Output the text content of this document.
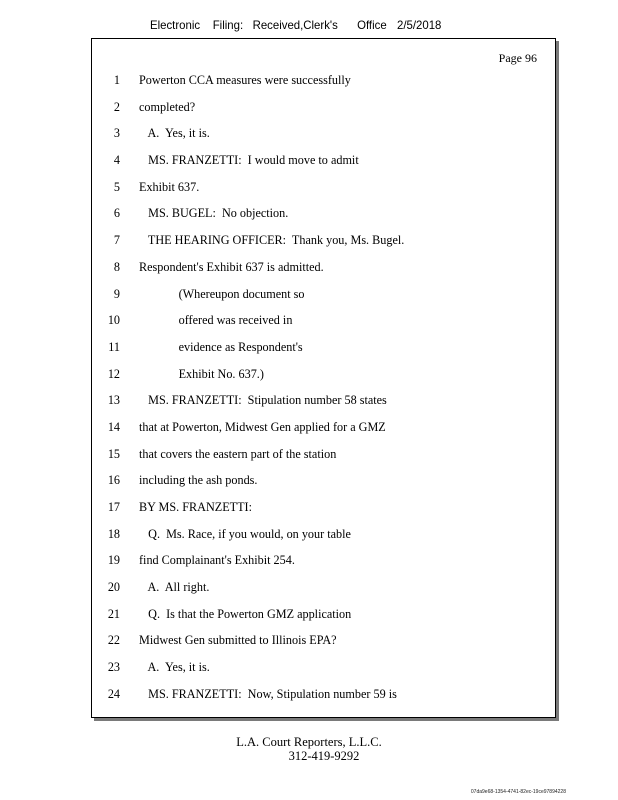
Electronic Filing: Received,Clerk's Office 2/5/2018
Page 96
1 Powerton CCA measures were successfully
2 completed?
3 A.  Yes, it is.
4 MS. FRANZETTI:  I would move to admit
5 Exhibit 637.
6 MS. BUGEL:  No objection.
7 THE HEARING OFFICER:  Thank you, Ms. Bugel.
8 Respondent's Exhibit 637 is admitted.
9 (Whereupon document so
10 offered was received in
11 evidence as Respondent's
12 Exhibit No. 637.)
13 MS. FRANZETTI:  Stipulation number 58 states
14 that at Powerton, Midwest Gen applied for a GMZ
15 that covers the eastern part of the station
16 including the ash ponds.
17 BY MS. FRANZETTI:
18 Q.  Ms. Race, if you would, on your table
19 find Complainant's Exhibit 254.
20 A.  All right.
21 Q.  Is that the Powerton GMZ application
22 Midwest Gen submitted to Illinois EPA?
23 A.  Yes, it is.
24 MS. FRANZETTI:  Now, Stipulation number 59 is
L.A. Court Reporters, L.L.C.
312-419-9292
07da9e68-1354-4741-82ec-19ce97894228
